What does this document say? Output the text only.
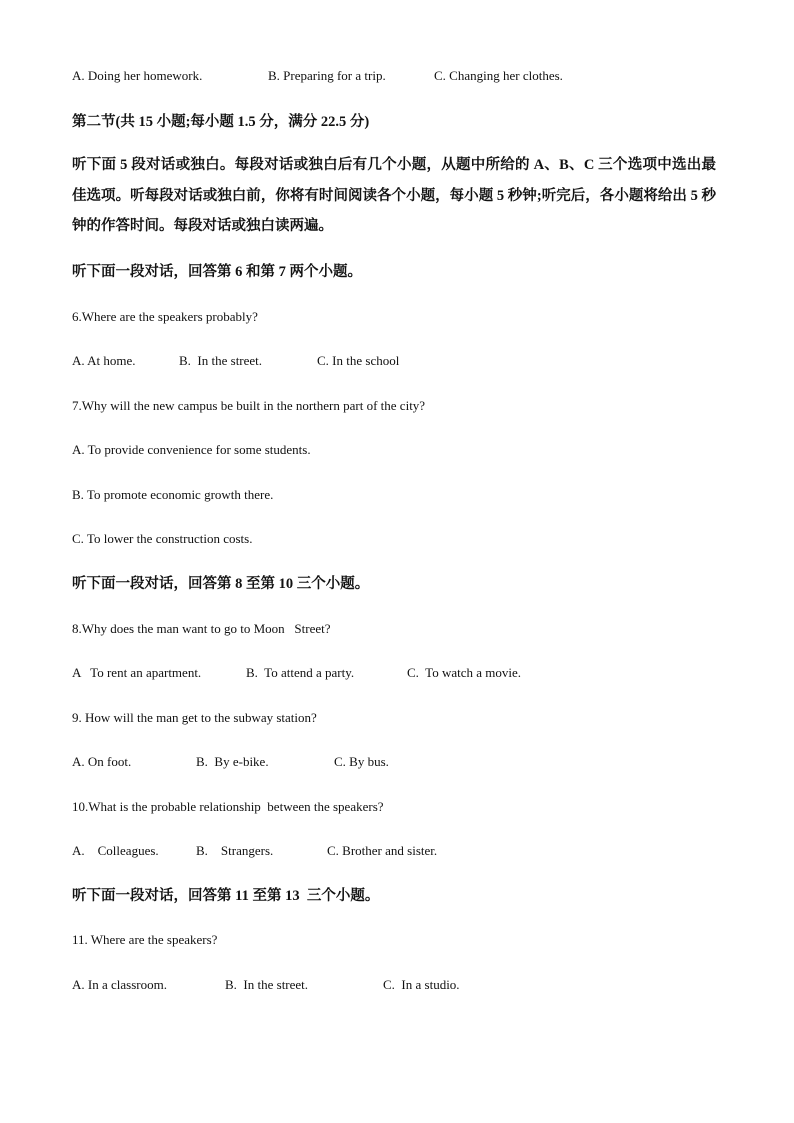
A. Doing her homework.	B. Preparing for a trip.	C. Changing her clothes.
第二节(共 15 小题;每小题 1.5 分，满分 22.5 分)
听下面 5 段对话或独白。每段对话或独白后有几个小题，从题中所给的 A、B、C 三个选项中选出最佳选项。听每段对话或独白前，你将有时间阅读各个小题，每小题 5 秒钟;听完后，各小题将给出 5 秒钟的作答时间。每段对话或独白读两遍。
听下面一段对话，回答第 6 和第 7 两个小题。
6.Where are the speakers probably?
A. At home.	B.  In the street.	C. In the school
7.Why will the new campus be built in the northern part of the city?
A. To provide convenience for some students.
B. To promote economic growth there.
C. To lower the construction costs.
听下面一段对话，回答第 8 至第 10 三个小题。
8.Why does the man want to go to Moon   Street?
A   To rent an apartment.	B.  To attend a party.	C.  To watch a movie.
9. How will the man get to the subway station?
A. On foot.	B.  By e-bike.	C. By bus.
10.What is the probable relationship  between the speakers?
A.    Colleagues.	B.    Strangers.	C. Brother and sister.
听下面一段对话，回答第 11 至第 13  三个小题。
11. Where are the speakers?
A. In a classroom.	B.  In the street.	C.  In a studio.
